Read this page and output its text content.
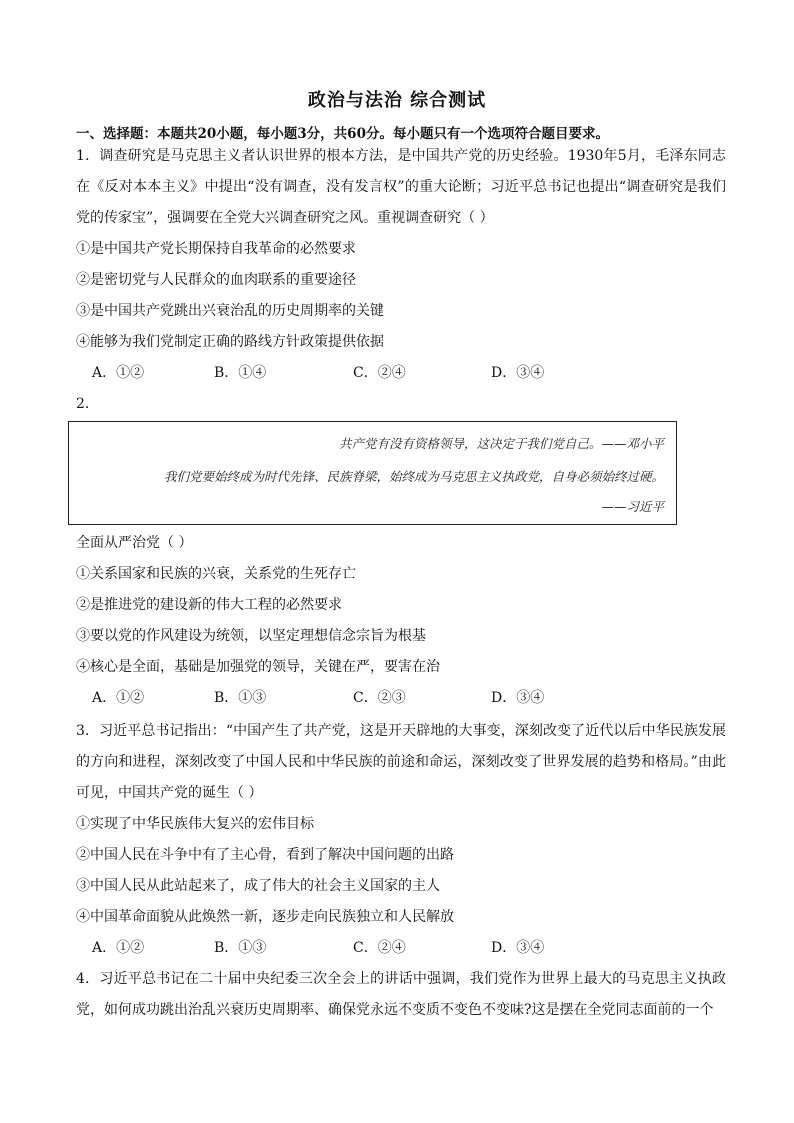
政治与法治 综合测试
一、选择题：本题共20小题，每小题3分，共60分。每小题只有一个选项符合题目要求。

1．调查研究是马克思主义者认识世界的根本方法，是中国共产党的历史经验。1930年5月，毛泽东同志在《反对本本主义》中提出“没有调查，没有发言权”的重大论断；习近平总书记也提出“调查研究是我们党的传家宝”，强调要在全党大兴调查研究之风。重视调查研究（ ）

①是中国共产党长期保持自我革命的必然要求
②是密切党与人民群众的血肉联系的重要途径
③是中国共产党跳出兴衰治乱的历史周期率的关键
④能够为我们党制定正确的路线方针政策提供依据
A．①②	B．①④	C．②④	D．③④
2．
共产党有没有资格领导，这决定于我们党自己。——邓小平
我们党要始终成为时代先锋、民族脊梁，始终成为马克思主义执政党，自身必须始终过硬。
——习近平
全面从严治党（ ）
①关系国家和民族的兴衰，关系党的生死存亡
②是推进党的建设新的伟大工程的必然要求
③要以党的作风建设为统领，以坚定理想信念宗旨为根基
④核心是全面，基础是加强党的领导，关键在严，要害在治
A．①②	B．①③	C．②③	D．③④

3．习近平总书记指出：“中国产生了共产党，这是开天辟地的大事变，深刻改变了近代以后中华民族发展的方向和进程，深刻改变了中国人民和中华民族的前途和命运，深刻改变了世界发展的趋势和格局。”由此可见，中国共产党的诞生（ ）

①实现了中华民族伟大复兴的宏伟目标
②中国人民在斗争中有了主心骨，看到了解决中国问题的出路
③中国人民从此站起来了，成了伟大的社会主义国家的主人
④中国革命面貌从此焕然一新，逐步走向民族独立和人民解放
A．①②	B．①③	C．②④	D．③④

4．习近平总书记在二十届中央纪委三次全会上的讲话中强调，我们党作为世界上最大的马克思主义执政党，如何成功跳出治乱兴衰历史周期率、确保党永远不变质不变色不变味?这是摆在全党同志面前的一个
